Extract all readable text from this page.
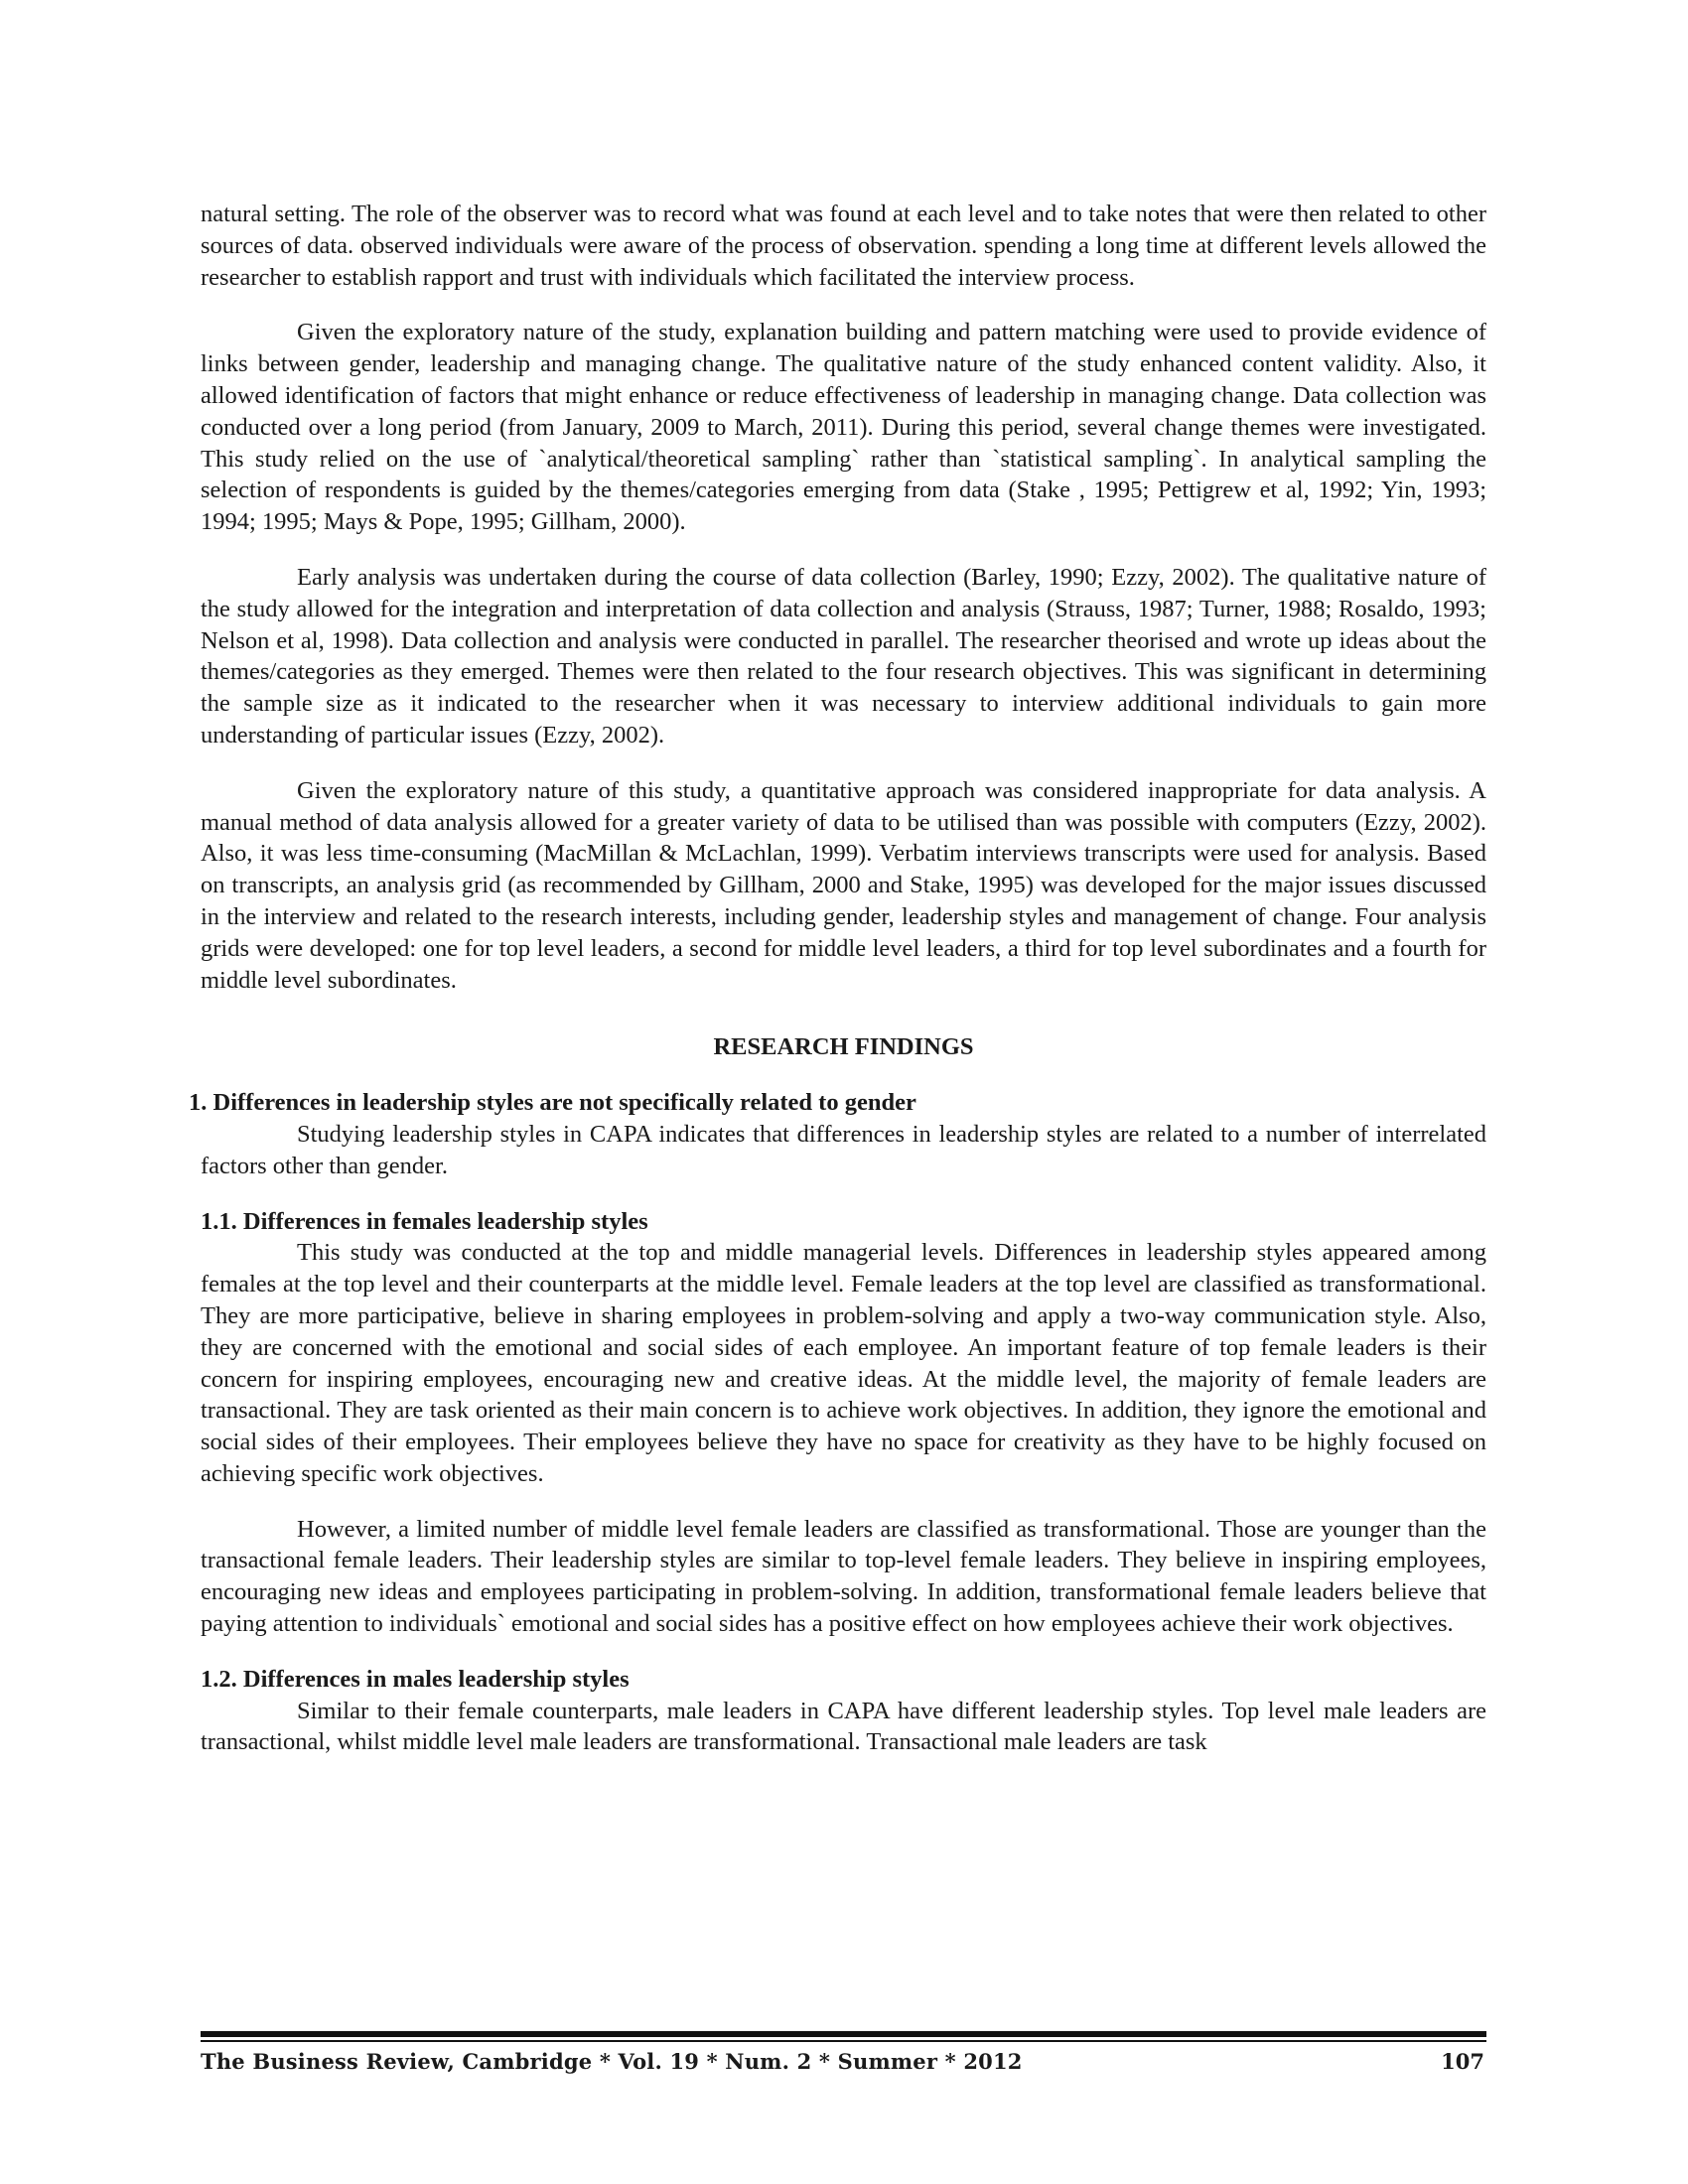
natural setting. The role of the observer was to record what was found at each level and to take notes that were then related to other sources of data. observed individuals were aware of the process of observation. spending a long time at different levels allowed the researcher to establish rapport and trust with individuals which facilitated the interview process.

Given the exploratory nature of the study, explanation building and pattern matching were used to provide evidence of links between gender, leadership and managing change. The qualitative nature of the study enhanced content validity. Also, it allowed identification of factors that might enhance or reduce effectiveness of leadership in managing change. Data collection was conducted over a long period (from January, 2009 to March, 2011). During this period, several change themes were investigated. This study relied on the use of `analytical/theoretical sampling` rather than `statistical sampling`. In analytical sampling the selection of respondents is guided by the themes/categories emerging from data (Stake , 1995; Pettigrew et al, 1992; Yin, 1993; 1994; 1995; Mays & Pope, 1995; Gillham, 2000).

Early analysis was undertaken during the course of data collection (Barley, 1990; Ezzy, 2002). The qualitative nature of the study allowed for the integration and interpretation of data collection and analysis (Strauss, 1987; Turner, 1988; Rosaldo, 1993; Nelson et al, 1998). Data collection and analysis were conducted in parallel. The researcher theorised and wrote up ideas about the themes/categories as they emerged. Themes were then related to the four research objectives. This was significant in determining the sample size as it indicated to the researcher when it was necessary to interview additional individuals to gain more understanding of particular issues (Ezzy, 2002).

Given the exploratory nature of this study, a quantitative approach was considered inappropriate for data analysis. A manual method of data analysis allowed for a greater variety of data to be utilised than was possible with computers (Ezzy, 2002). Also, it was less time-consuming (MacMillan & McLachlan, 1999). Verbatim interviews transcripts were used for analysis. Based on transcripts, an analysis grid (as recommended by Gillham, 2000 and Stake, 1995) was developed for the major issues discussed in the interview and related to the research interests, including gender, leadership styles and management of change. Four analysis grids were developed: one for top level leaders, a second for middle level leaders, a third for top level subordinates and a fourth for middle level subordinates.

RESEARCH FINDINGS
1. Differences in leadership styles are not specifically related to gender

Studying leadership styles in CAPA indicates that differences in leadership styles are related to a number of interrelated factors other than gender.

1.1. Differences in females leadership styles

This study was conducted at the top and middle managerial levels. Differences in leadership styles appeared among females at the top level and their counterparts at the middle level. Female leaders at the top level are classified as transformational. They are more participative, believe in sharing employees in problem-solving and apply a two-way communication style. Also, they are concerned with the emotional and social sides of each employee. An important feature of top female leaders is their concern for inspiring employees, encouraging new and creative ideas. At the middle level, the majority of female leaders are transactional. They are task oriented as their main concern is to achieve work objectives. In addition, they ignore the emotional and social sides of their employees. Their employees believe they have no space for creativity as they have to be highly focused on achieving specific work objectives.

However, a limited number of middle level female leaders are classified as transformational. Those are younger than the transactional female leaders. Their leadership styles are similar to top-level female leaders. They believe in inspiring employees, encouraging new ideas and employees participating in problem-solving. In addition, transformational female leaders believe that paying attention to individuals` emotional and social sides has a positive effect on how employees achieve their work objectives.

1.2. Differences in males leadership styles

Similar to their female counterparts, male leaders in CAPA have different leadership styles. Top level male leaders are transactional, whilst middle level male leaders are transformational. Transactional male leaders are task

The Business Review, Cambridge * Vol. 19 * Num. 2 * Summer * 2012	107
